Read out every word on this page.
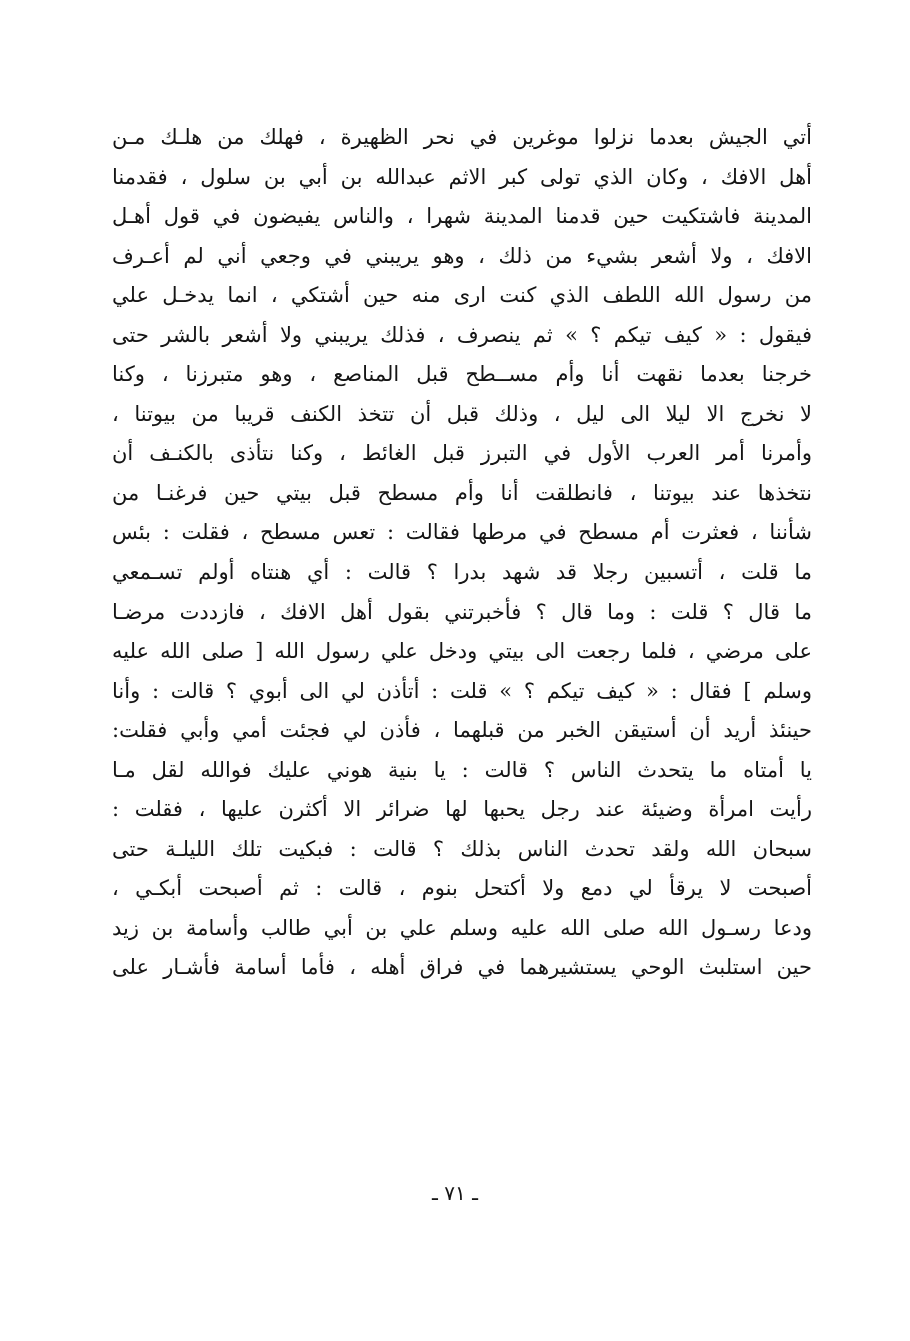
أتي الجيش بعدما نزلوا موغرين في نحر الظهيرة ، فهلك من هلـك مـن
أهل الافك ، وكان الذي تولى كبر الاثم عبدالله بن أبي بن سلول ، فقدمنا
المدينة فاشتكيت حين قدمنا المدينة شهرا ، والناس يفيضون في قول أهـل
الافك ، ولا أشعر بشيء من ذلك ، وهو يريبني في وجعي أني لم أعـرف
من رسول الله اللطف الذي كنت ارى منه حين أشتكي ، انما يدخـل علي
فيقول : « كيف تيكم ؟ » ثم ينصرف ، فذلك يريبني ولا أشعر بالشر حتى
خرجنا بعدما نقهت أنا وأم مســطح قبل المناصع ، وهو متبرزنا ، وكنا
لا نخرج الا ليلا الى ليل ، وذلك قبل أن تتخذ الكنف قريبا من بيوتنا ،
وأمرنا أمر العرب الأول في التبرز قبل الغائط ، وكنا نتأذى بالكنـف أن
نتخذها عند بيوتنا ، فانطلقت أنا وأم مسطح قبل بيتي حين فرغنـا من
شأننا ، فعثرت أم مسطح في مرطها فقالت : تعس مسطح ، فقلت : بئس
ما قلت ، أتسبين رجلا قد شهد بدرا ؟ قالت : أي هنتاه أولم تسـمعي
ما قال ؟ قلت : وما قال ؟ فأخبرتني بقول أهل الافك ، فازددت مرضـا
على مرضي ، فلما رجعت الى بيتي ودخل علي رسول الله [ صلى الله عليه
وسلم ] فقال : « كيف تيكم ؟ » قلت : أتأذن لي الى أبوي ؟ قالت : وأنا
حينئذ أريد أن أستيقن الخبر من قبلهما ، فأذن لي فجئت أمي وأبي فقلت:
يا أمتاه ما يتحدث الناس ؟ قالت : يا بنية هوني عليك فوالله لقل مـا
رأيت امرأة وضيئة عند رجل يحبها لها ضرائر الا أكثرن عليها ، فقلت :
سبحان الله ولقد تحدث الناس بذلك ؟ قالت : فبكيت تلك الليلـة حتى
أصبحت لا يرقأ لي دمع ولا أكتحل بنوم ، قالت : ثم أصبحت أبكـي ،
ودعا رسـول الله صلى الله عليه وسلم علي بن أبي طالب وأسامة بن زيد
حين استلبث الوحي يستشيرهما في فراق أهله ، فأما أسامة فأشـار على
ـ ٧١ ـ
